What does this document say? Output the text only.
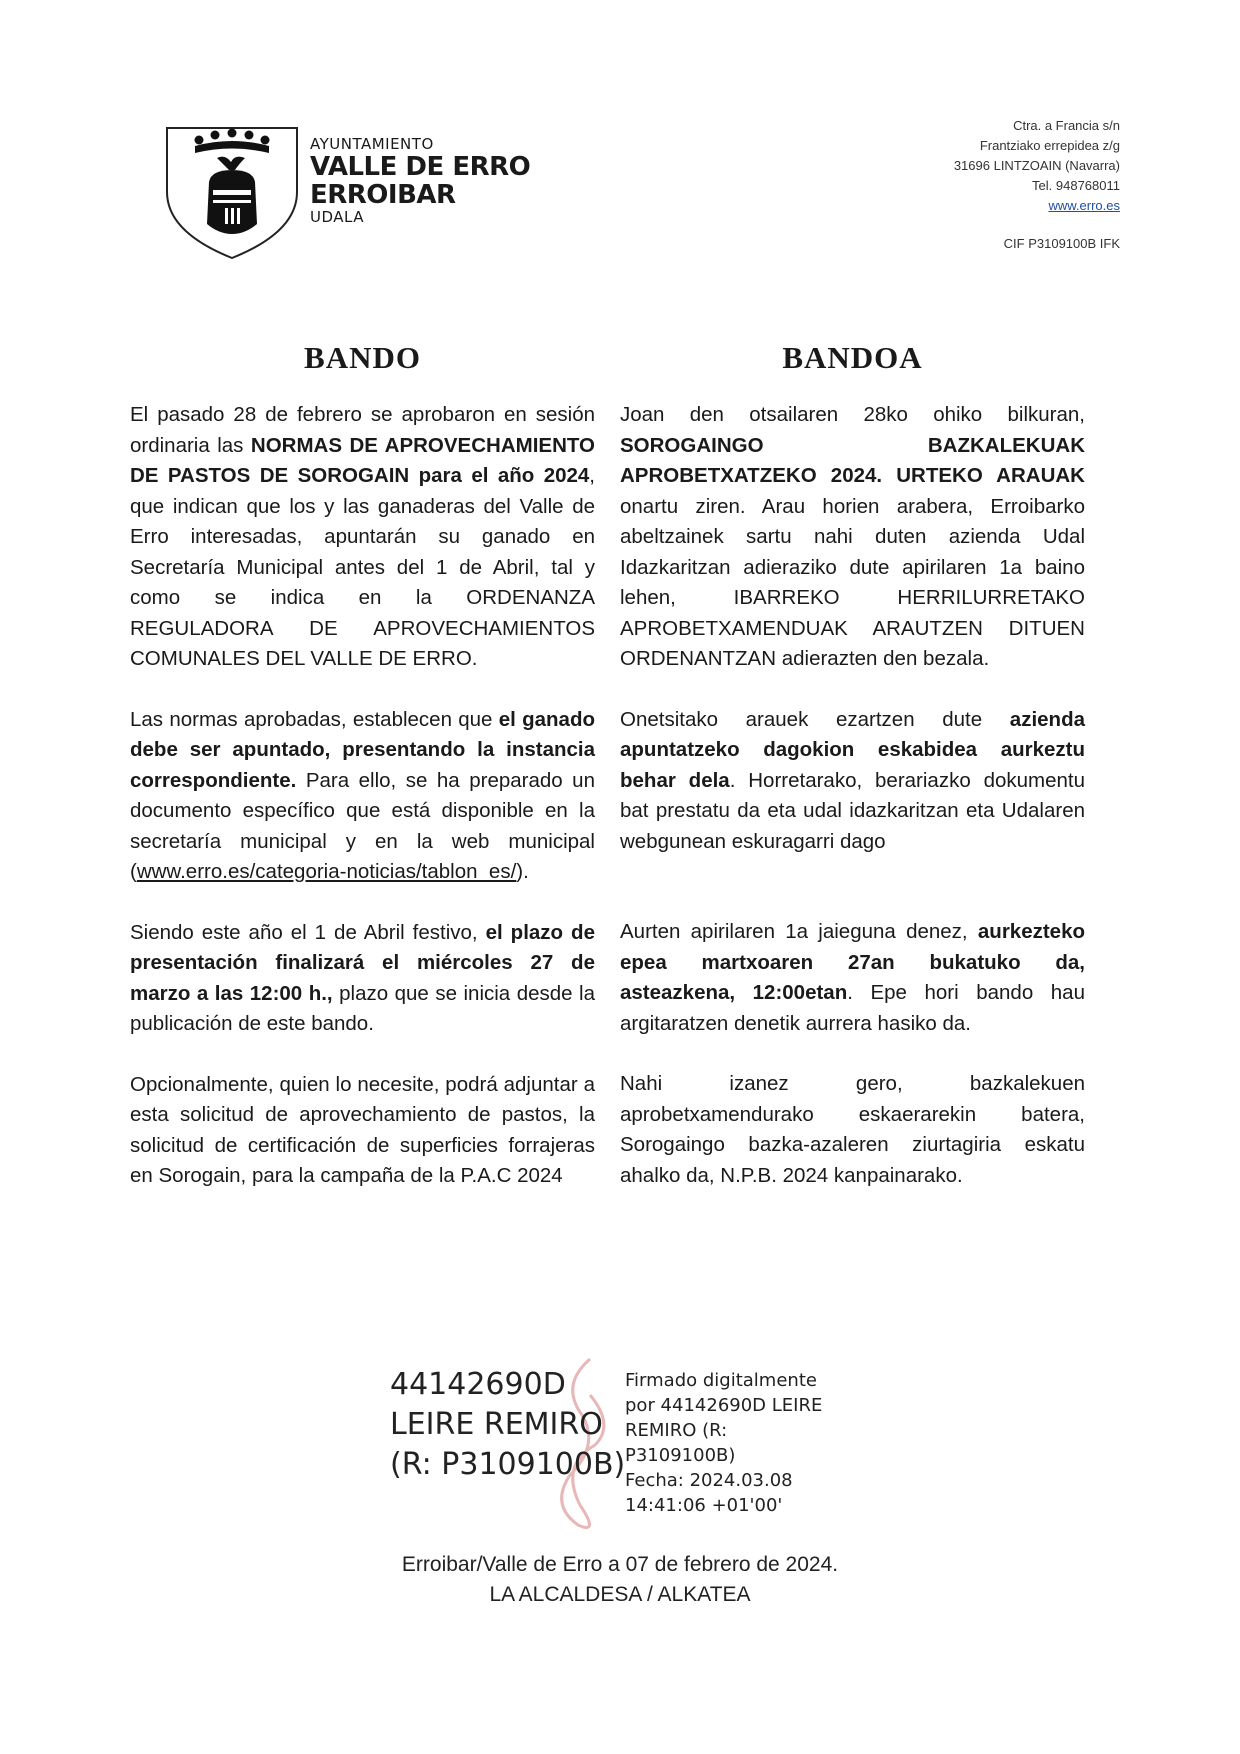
AYUNTAMIENTO
VALLE DE ERRO
ERROIBAR
UDALA
Ctra. a Francia s/n
Frantziako errepidea z/g
31696 LINTZOAIN (Navarra)
Tel. 948768011
www.erro.es
CIF P3109100B IFK
BANDO

El pasado 28 de febrero se aprobaron en sesión ordinaria las NORMAS DE APROVECHAMIENTO DE PASTOS DE SOROGAIN para el año 2024, que indican que los y las ganaderas del Valle de Erro interesadas, apuntarán su ganado en Secretaría Municipal antes del 1 de Abril, tal y como se indica en la ORDENANZA REGULADORA DE APROVECHAMIENTOS COMUNALES DEL VALLE DE ERRO.

Las normas aprobadas, establecen que el ganado debe ser apuntado, presentando la instancia correspondiente. Para ello, se ha preparado un documento específico que está disponible en la secretaría municipal y en la web municipal (www.erro.es/categoria-noticias/tablon_es/).

Siendo este año el 1 de Abril festivo, el plazo de presentación finalizará el miércoles 27 de marzo a las 12:00 h., plazo que se inicia desde la publicación de este bando.

Opcionalmente, quien lo necesite, podrá adjuntar a esta solicitud de aprovechamiento de pastos, la solicitud de certificación de superficies forrajeras en Sorogain, para la campaña de la P.A.C 2024

BANDOA

Joan den otsailaren 28ko ohiko bilkuran, SOROGAINGO BAZKALEKUAK APROBETXATZEKO 2024. URTEKO ARAUAK onartu ziren. Arau horien arabera, Erroibarko abeltzainek sartu nahi duten azienda Udal Idazkaritzan adieraziko dute apirilaren 1a baino lehen, IBARREKO HERRILURRETAKO APROBETXAMENDUAK ARAUTZEN DITUEN ORDENANTZAN adierazten den bezala.

Onetsitako arauek ezartzen dute azienda apuntatzeko dagokion eskabidea aurkeztu behar dela. Horretarako, berariazko dokumentu bat prestatu da eta udal idazkaritzan eta Udalaren webgunean eskuragarri dago

Aurten apirilaren 1a jaieguna denez, aurkezteko epea martxoaren 27an bukatuko da, asteazkena, 12:00etan. Epe hori bando hau argitaratzen denetik aurrera hasiko da.

Nahi izanez gero, bazkalekuen aprobetxamendurako eskaerarekin batera, Sorogaingo bazka-azaleren ziurtagiria eskatu ahalko da, N.P.B. 2024 kanpainarako.

44142690D
LEIRE REMIRO
(R: P3109100B)
Firmado digitalmente
por 44142690D LEIRE
REMIRO (R:
P3109100B)
Fecha: 2024.03.08
14:41:06 +01'00'
Erroibar/Valle de Erro a 07 de febrero de 2024.
LA ALCALDESA / ALKATEA
